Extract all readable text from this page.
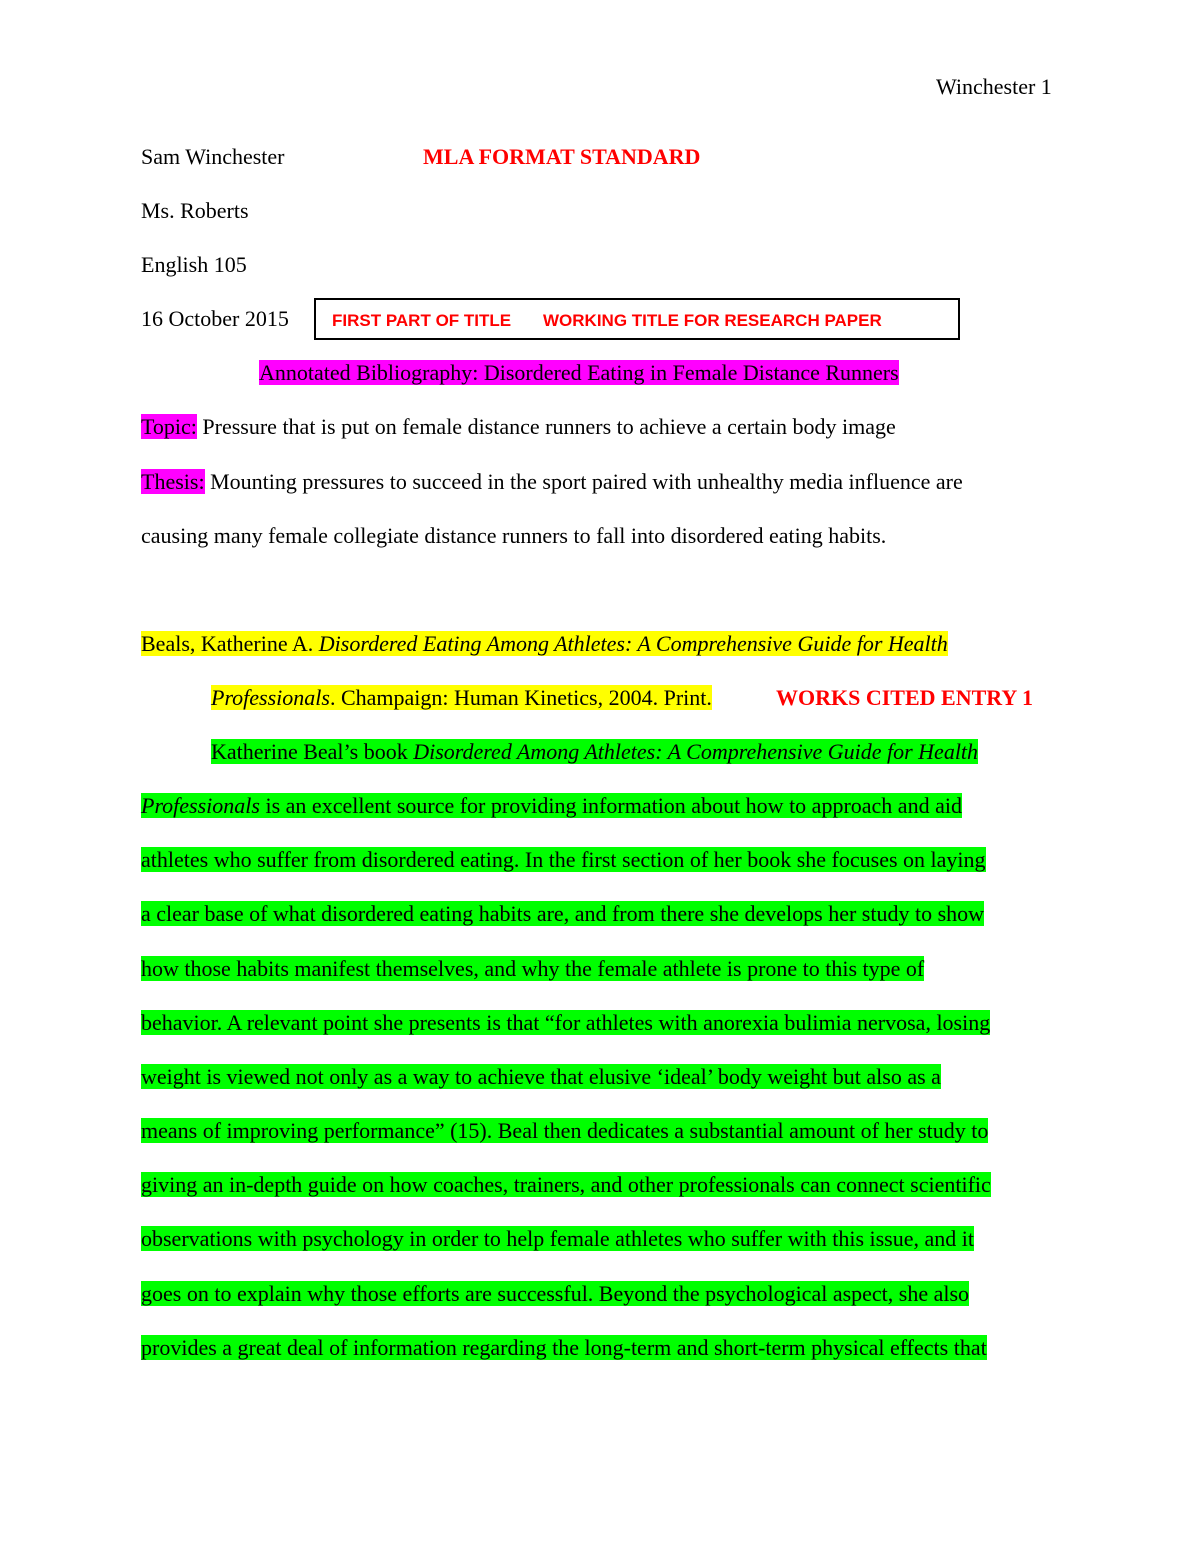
Winchester 1
Sam Winchester	MLA FORMAT STANDARD
Ms. Roberts
English 105
16 October 2015	FIRST PART OF TITLE WORKING TITLE FOR RESEARCH PAPER
Annotated Bibliography: Disordered Eating in Female Distance Runners
Topic: Pressure that is put on female distance runners to achieve a certain body image
Thesis: Mounting pressures to succeed in the sport paired with unhealthy media influence are
causing many female collegiate distance runners to fall into disordered eating habits.
Beals, Katherine A. Disordered Eating Among Athletes: A Comprehensive Guide for Health
Professionals. Champaign: Human Kinetics, 2004. Print.	WORKS CITED ENTRY 1
Katherine Beal’s book Disordered Among Athletes: A Comprehensive Guide for Health
Professionals is an excellent source for providing information about how to approach and aid
athletes who suffer from disordered eating. In the first section of her book she focuses on laying
a clear base of what disordered eating habits are, and from there she develops her study to show
how those habits manifest themselves, and why the female athlete is prone to this type of
behavior. A relevant point she presents is that “for athletes with anorexia bulimia nervosa, losing
weight is viewed not only as a way to achieve that elusive ‘ideal’ body weight but also as a
means of improving performance” (15). Beal then dedicates a substantial amount of her study to
giving an in-depth guide on how coaches, trainers, and other professionals can connect scientific
observations with psychology in order to help female athletes who suffer with this issue, and it
goes on to explain why those efforts are successful. Beyond the psychological aspect, she also
provides a great deal of information regarding the long-term and short-term physical effects that
